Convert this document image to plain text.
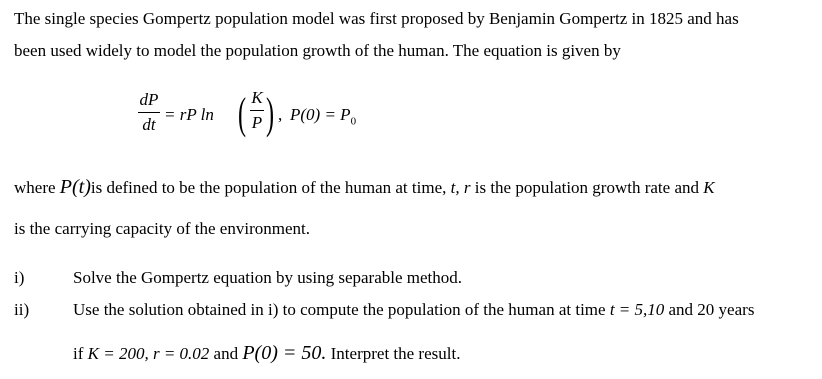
The single species Gompertz population model was first proposed by Benjamin Gompertz in 1825 and has
been used widely to model the population growth of the human. The equation is given by
dP
dt
= rP ln ( K
P ) , $P(0) = P_0$
where P(t)is defined to be the population of the human at time, t, r is the population growth rate and K
is the carrying capacity of the environment.
i)	Solve the Gompertz equation by using separable method.
ii)	Use the solution obtained in i) to compute the population of the human at time t = 5,10 and 20 years
if K = 200, r = 0.02 and P(0) = 50. Interpret the result.
